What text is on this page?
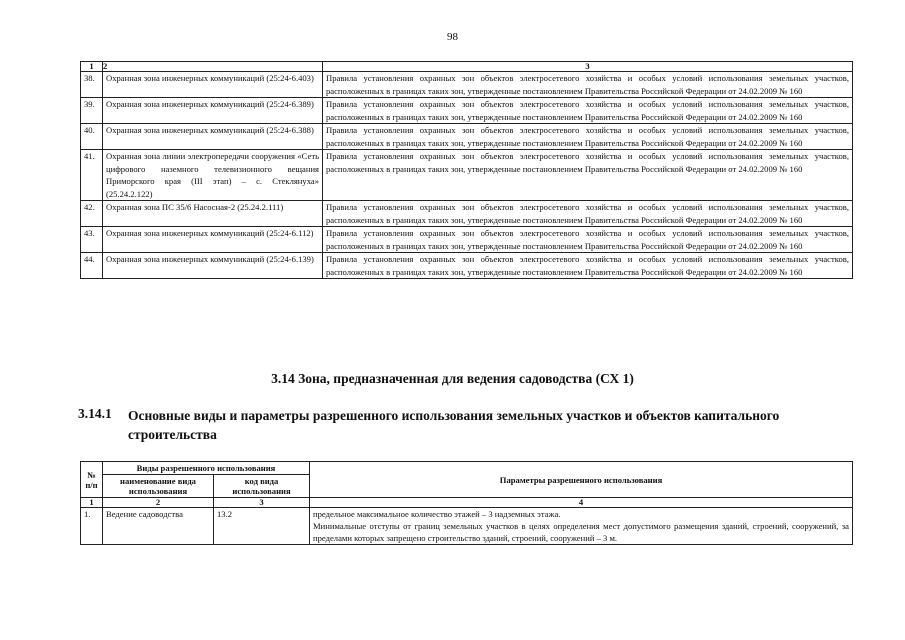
98
1	2	3
38.	Охранная зона инженерных коммуникаций (25:24-6.403)	Правила установления охранных зон объектов электросетевого хозяйства и особых условий использования земельных участков, расположенных в границах таких зон, утвержденные постановлением Правительства Российской Федерации от 24.02.2009 № 160
39.	Охранная зона инженерных коммуникаций (25:24-6.389)	Правила установления охранных зон объектов электросетевого хозяйства и особых условий использования земельных участков, расположенных в границах таких зон, утвержденные постановлением Правительства Российской Федерации от 24.02.2009 № 160
40.	Охранная зона инженерных коммуникаций (25:24-6.388)	Правила установления охранных зон объектов электросетевого хозяйства и особых условий использования земельных участков, расположенных в границах таких зон, утвержденные постановлением Правительства Российской Федерации от 24.02.2009 № 160
41.	Охранная зона линии электропередачи сооружения «Сеть цифрового наземного телевизионного вещания Приморского края (III этап) – с. Стеклянуха» (25.24.2.122)	Правила установления охранных зон объектов электросетевого хозяйства и особых условий использования земельных участков, расположенных в границах таких зон, утвержденные постановлением Правительства Российской Федерации от 24.02.2009 № 160
42.	Охранная зона ПС 35/6 Насосная-2 (25.24.2.111)	Правила установления охранных зон объектов электросетевого хозяйства и особых условий использования земельных участков, расположенных в границах таких зон, утвержденные постановлением Правительства Российской Федерации от 24.02.2009 № 160
43.	Охранная зона инженерных коммуникаций (25:24-6.112)	Правила установления охранных зон объектов электросетевого хозяйства и особых условий использования земельных участков, расположенных в границах таких зон, утвержденные постановлением Правительства Российской Федерации от 24.02.2009 № 160
44.	Охранная зона инженерных коммуникаций (25:24-6.139)	Правила установления охранных зон объектов электросетевого хозяйства и особых условий использования земельных участков, расположенных в границах таких зон, утвержденные постановлением Правительства Российской Федерации от 24.02.2009 № 160
3.14 Зона, предназначенная для ведения садоводства (СХ 1)
3.14.1 Основные виды и параметры разрешенного использования земельных участков и объектов капитального строительства
№ п/п	Виды разрешенного использования		Параметры разрешенного использования
	наименование вида использования	код вида использования	
1	2	3	4
1.	Ведение садоводства	13.2	предельное максимальное количество этажей – 3 надземных этажа.
Минимальные отступы от границ земельных участков в целях определения мест допустимого размещения зданий, строений, сооружений, за пределами которых запрещено строительство зданий, строений, сооружений – 3 м.
